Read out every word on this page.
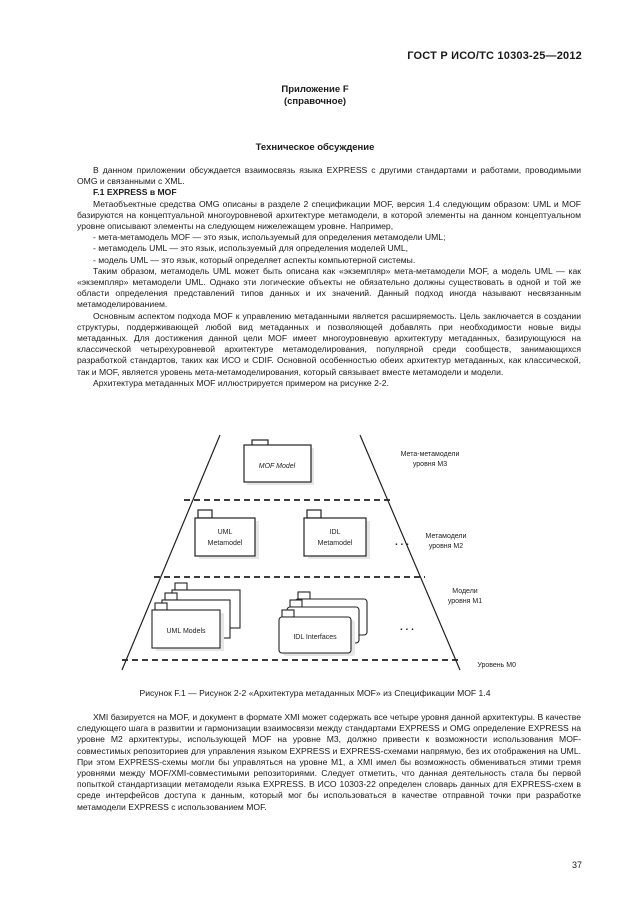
ГОСТ Р ИСО/ТС 10303-25—2012
Приложение F
(справочное)
Техническое обсуждение

В данном приложении обсуждается взаимосвязь языка EXPRESS с другими стандартами и работами, проводимыми OMG и связанными с XML.

F.1 EXPRESS в MOF

Метаобъектные средства OMG описаны в разделе 2 спецификации MOF, версия 1.4 следующим образом: UML и MOF базируются на концептуальной многоуровневой архитектуре метамодели, в которой элементы на данном концептуальном уровне описывают элементы на следующем нижележащем уровне. Например,

- мета-метамодель MOF — это язык, используемый для определения метамодели UML;

- метамодель UML — это язык, используемый для определения моделей UML,

- модель UML — это язык, который определяет аспекты компьютерной системы.

Таким образом, метамодель UML может быть описана как «экземпляр» мета-метамодели MOF, а модель UML — как «экземпляр» метамодели UML. Однако эти логические объекты не обязательно должны существовать в одной и той же области определения представлений типов данных и их значений. Данный подход иногда называют несвязанным метамоделированием.

Основным аспектом подхода MOF к управлению метаданными является расширяемость. Цель заключается в создании структуры, поддерживающей любой вид метаданных и позволяющей добавлять при необходимости новые виды метаданных. Для достижения данной цели MOF имеет многоуровневую архитектуру метаданных, базирующуюся на классической четырехуровневой архитектуре метамоделирования, популярной среди сообществ, занимающихся разработкой стандартов, таких как ИСО и CDIF. Основной особенностью обеих архитектур метаданных, как классической, так и MOF, является уровень мета-метамоделирования, который связывает вместе метамодели и модели.

Архитектура метаданных MOF иллюстрируется примером на рисунке 2-2.

MOF Model
UML
Metamodel
IDL
Metamodel	. . .
UML Models
IDL Interfaces
. . .
Мета-метамодели
уровня M3
Метамодели
уровня M2
Модели
уровня M1
Уровень M0
Рисунок F.1 — Рисунок 2-2 «Архитектура метаданных MOF» из Спецификации MOF 1.4

XMI базируется на MOF, и документ в формате XMI может содержать все четыре уровня данной архитектуры. В качестве следующего шага в развитии и гармонизации взаимосвязи между стандартами EXPRESS и OMG определение EXPRESS на уровне M2 архитектуры, использующей MOF на уровне M3, должно привести к возможности использования MOF-совместимых репозиториев для управления языком EXPRESS и EXPRESS-схемами напрямую, без их отображения на UML. При этом EXPRESS-схемы могли бы управляться на уровне M1, а XMI имел бы возможность обмениваться этими тремя уровнями между MOF/XMI-совместимыми репозиториями. Следует отметить, что данная деятельность стала бы первой попыткой стандартизации метамодели языка EXPRESS. В ИСО 10303-22 определен словарь данных для EXPRESS-схем в среде интерфейсов доступа к данным, который мог бы использоваться в качестве отправной точки при разработке метамодели EXPRESS с использованием MOF.

37
